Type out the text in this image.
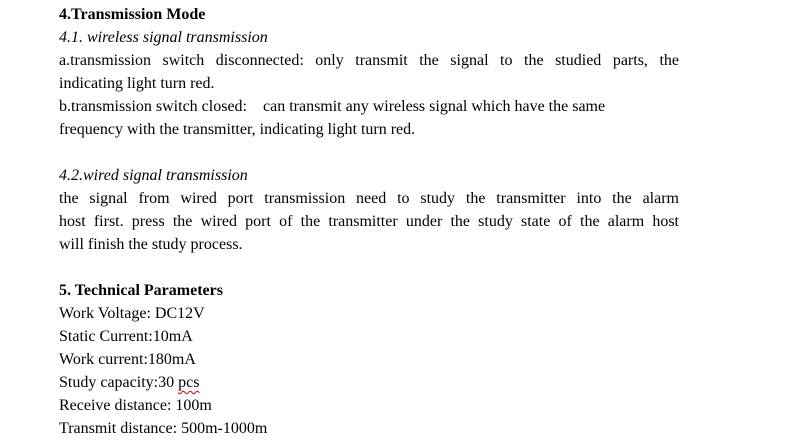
4.Transmission Mode
4.1. wireless signal transmission
a.transmission switch disconnected: only transmit the signal to the studied parts, the
indicating light turn red.
b.transmission switch closed:    can transmit any wireless signal which have the same
frequency with the transmitter, indicating light turn red.
4.2.wired signal transmission
the signal from wired port transmission need to study the transmitter into the alarm
host first. press the wired port of the transmitter under the study state of the alarm host
will finish the study process.
5. Technical Parameters
Work Voltage: DC12V
Static Current:10mA
Work current:180mA
Study capacity:30 pcs
Receive distance: 100m
Transmit distance: 500m-1000m
